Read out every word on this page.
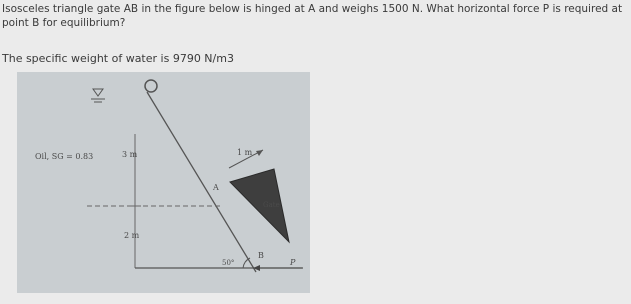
Isosceles triangle gate AB in the figure below is hinged at A and weighs 1500 N. What horizontal force P is required at point B for equilibrium?

The specific weight of water is 9790 N/m3

Oil, SG = 0.83	3 m
2 m
1 m
Gate
A
B
50°	P
